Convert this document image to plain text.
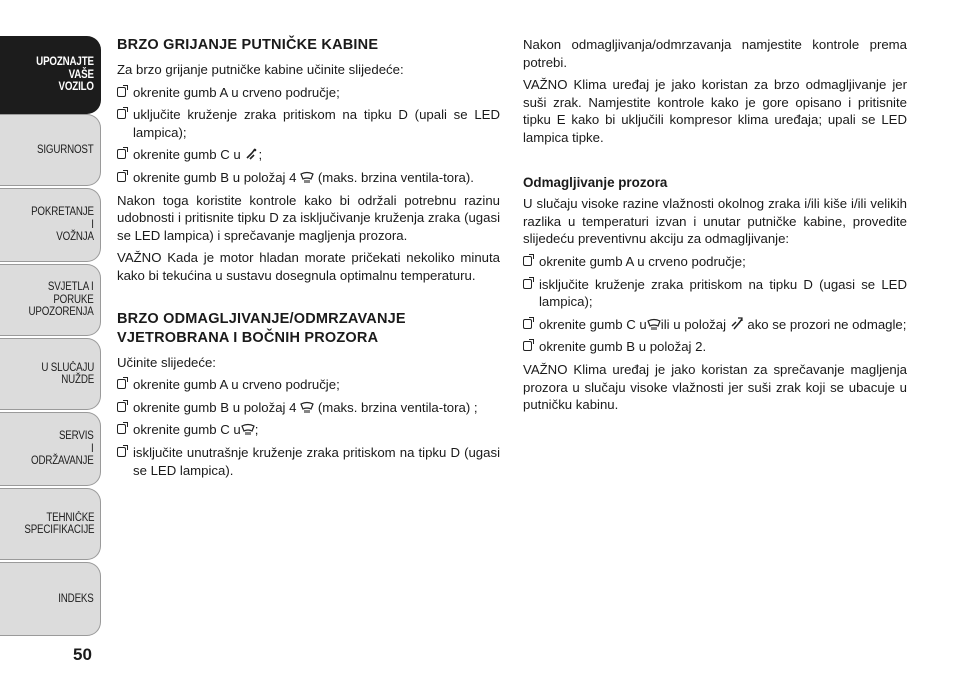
UPOZNAJTE
VAŠE
VOZILO
SIGURNOST
POKRETANJE
I
VOŽNJA
SVJETLA I
PORUKE
UPOZORENJA
U SLUČAJU
NUŽDE
SERVIS
I
ODRŽAVANJE
TEHNIČKE
SPECIFIKACIJE
INDEKS
50
BRZO GRIJANJE PUTNIČKE KABINE

Za brzo grijanje putničke kabine učinite slijedeće:

okrenite gumb A u crveno područje;
uključite kruženje zraka pritiskom na tipku D (upali se LED lampica);
okrenite gumb C u ;
okrenite gumb B u položaj 4 (maks. brzina ventila-tora).

Nakon toga koristite kontrole kako bi održali potrebnu razinu udobnosti i pritisnite tipku D za isključivanje kruženja zraka (ugasi se LED lampica) i sprečavanje magljenja prozora.

VAŽNO Kada je motor hladan morate pričekati nekoliko minuta kako bi tekućina u sustavu dosegnula optimalnu temperaturu.

BRZO ODMAGLJIVANJE/ODMRZAVANJE VJETROBRANA I BOČNIH PROZORA

Učinite slijedeće:

okrenite gumb A u crveno područje;
okrenite gumb B u položaj 4 (maks. brzina ventila-tora) ;
okrenite gumb C u ;
isključite unutrašnje kruženje zraka pritiskom na tipku D (ugasi se LED lampica).

Nakon odmagljivanja/odmrzavanja namjestite kontrole prema potrebi.

VAŽNO Klima uređaj je jako koristan za brzo odmagljivanje jer suši zrak. Namjestite kontrole kako je gore opisano i pritisnite tipku E kako bi uključili kompresor klima uređaja; upali se LED lampica tipke.

Odmagljivanje prozora

U slučaju visoke razine vlažnosti okolnog zraka i/ili kiše i/ili velikih razlika u temperaturi izvan i unutar putničke kabine, provedite slijedeću preventivnu akciju za odmagljivanje:

okrenite gumb A u crveno područje;
isključite kruženje zraka pritiskom na tipku D (ugasi se LED lampica);
okrenite gumb C u ili u položaj ako se prozori ne odmagle;
okrenite gumb B u položaj 2.

VAŽNO Klima uređaj je jako koristan za sprečavanje magljenja prozora u slučaju visoke vlažnosti jer suši zrak koji se ubacuje u putničku kabinu.
